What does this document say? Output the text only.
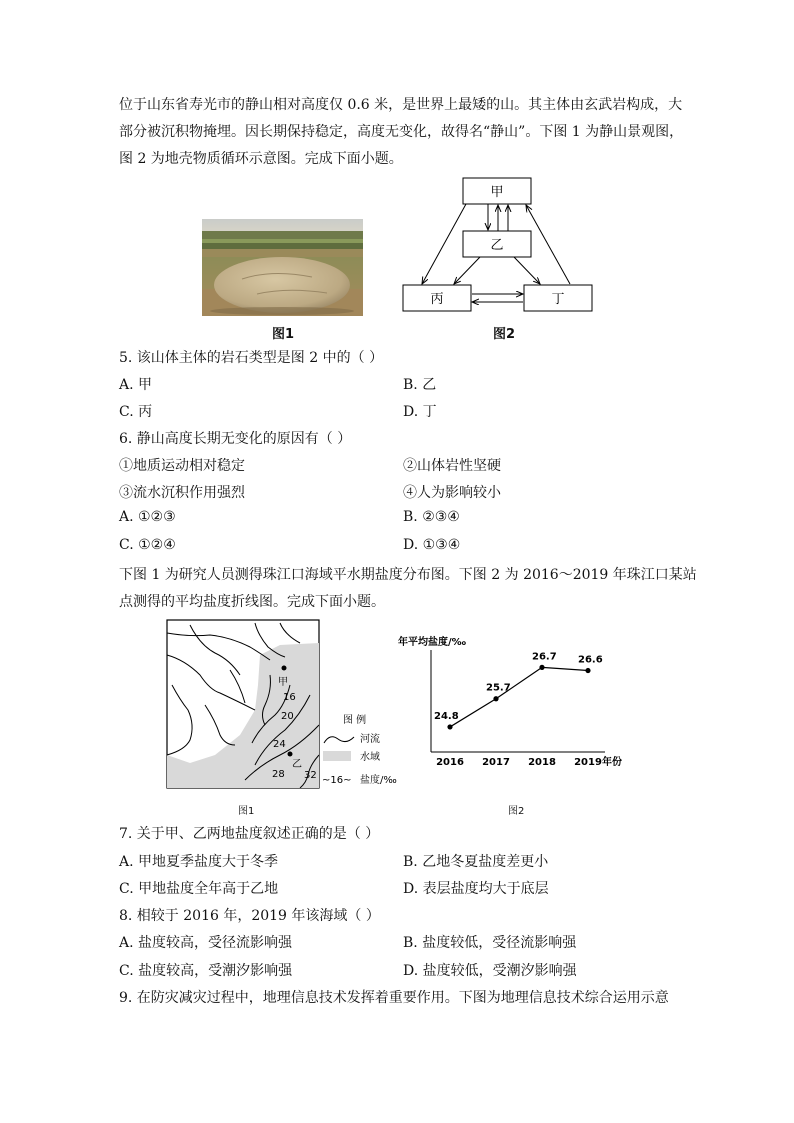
位于山东省寿光市的静山相对高度仅 0.6 米，是世界上最矮的山。其主体由玄武岩构成，大
部分被沉积物掩埋。因长期保持稳定，高度无变化，故得名“静山”。下图 1 为静山景观图，
图 2 为地壳物质循环示意图。完成下面小题。
图1
甲
乙
丙	丁
图2
5. 该山体主体的岩石类型是图 2 中的（ ）
A. 甲	B. 乙
C. 丙	D. 丁
6. 静山高度长期无变化的原因有（ ）
①地质运动相对稳定	②山体岩性坚硬
③流水沉积作用强烈	④人为影响较小
A. ①②③	B. ②③④
C. ①②④	D. ①③④
下图 1 为研究人员测得珠江口海域平水期盐度分布图。下图 2 为 2016～2019 年珠江口某站
点测得的平均盐度折线图。完成下面小题。
甲
16
20
24
乙
28 32
图 例
河流
水域
~16~ 盐度/‰
图1
年平均盐度/‰
年份
24.8
2016
25.7
2017
26.7
2018
26.6
2019
图2
7. 关于甲、乙两地盐度叙述正确的是（ ）
A. 甲地夏季盐度大于冬季	B. 乙地冬夏盐度差更小
C. 甲地盐度全年高于乙地	D. 表层盐度均大于底层
8. 相较于 2016 年，2019 年该海域（ ）
A. 盐度较高，受径流影响强	B. 盐度较低，受径流影响强
C. 盐度较高，受潮汐影响强	D. 盐度较低，受潮汐影响强
9. 在防灾减灾过程中，地理信息技术发挥着重要作用。下图为地理信息技术综合运用示意
